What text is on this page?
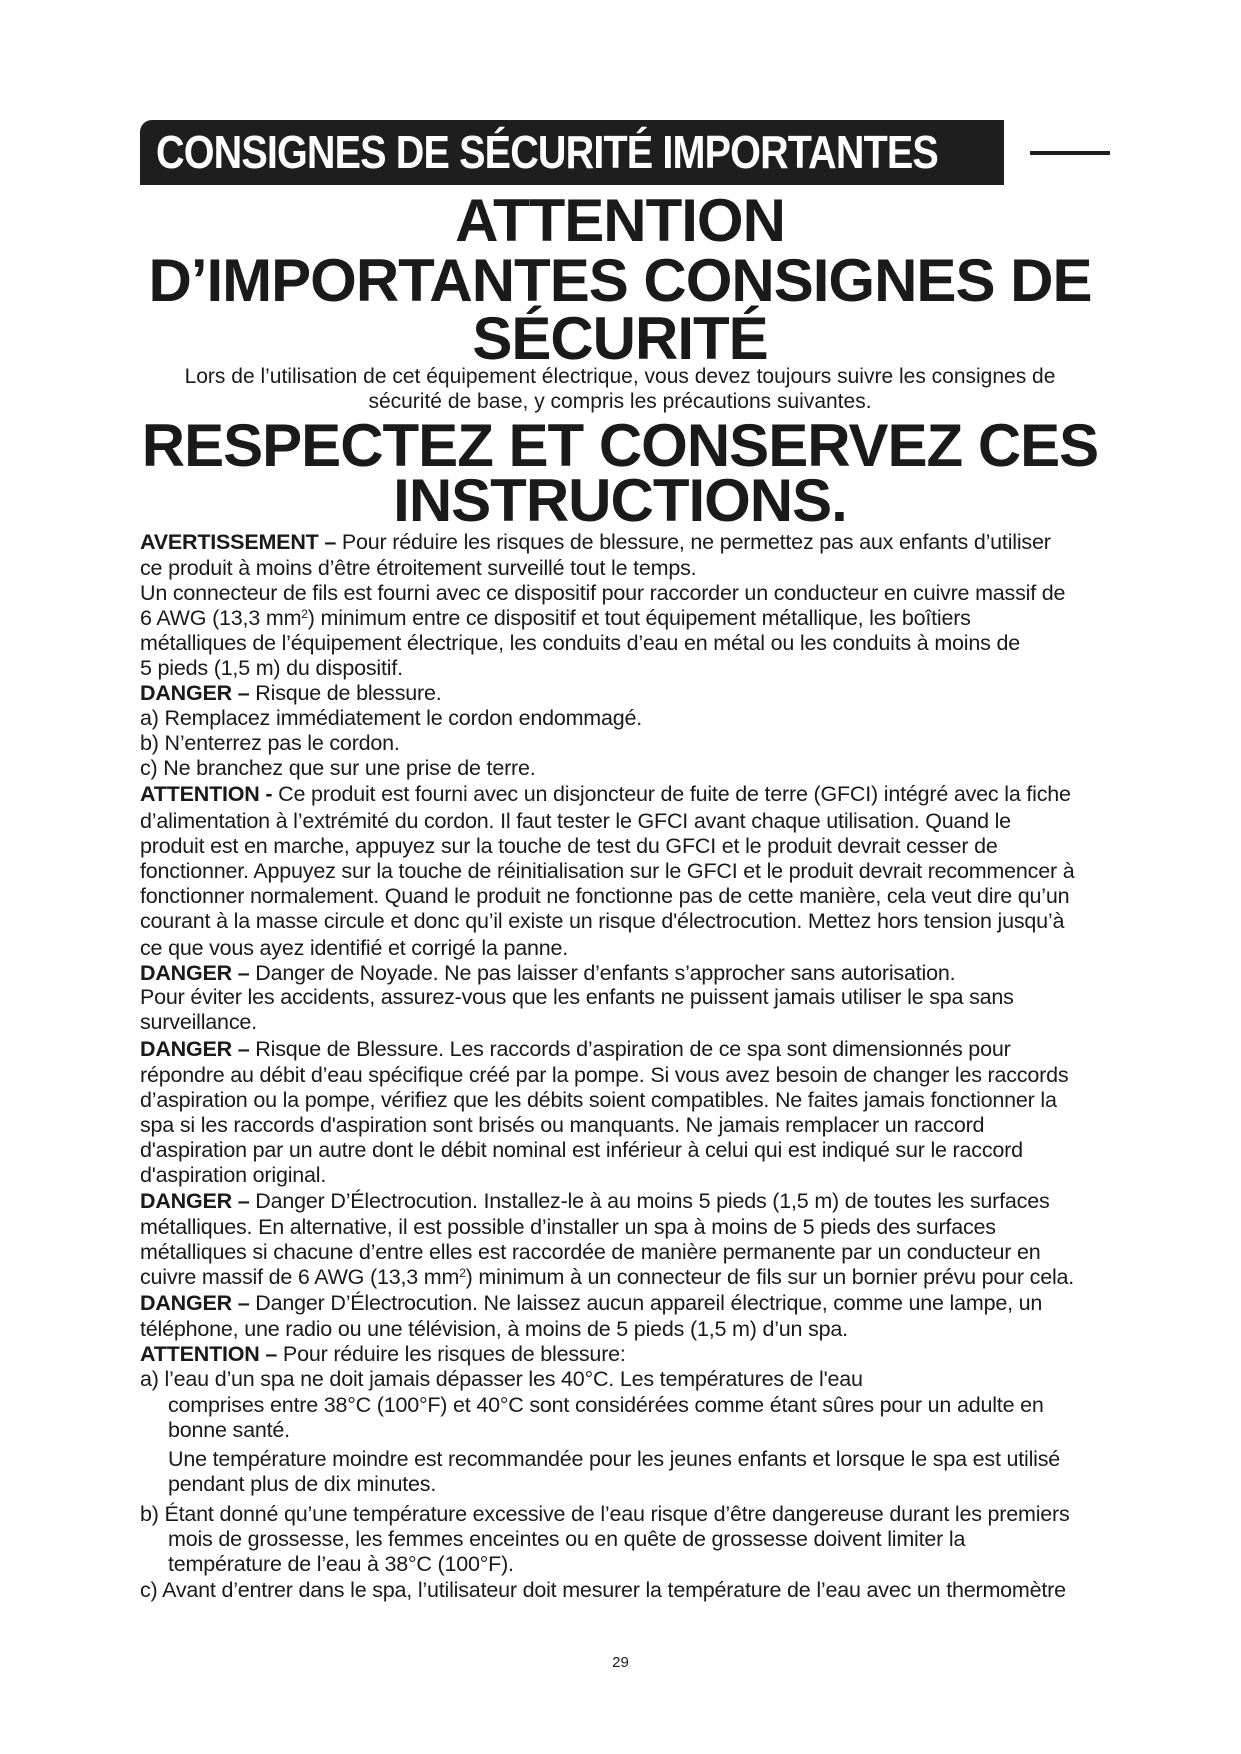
CONSIGNES DE SÉCURITÉ IMPORTANTES
ATTENTION
D’IMPORTANTES CONSIGNES DE
SÉCURITÉ
Lors de l’utilisation de cet équipement électrique, vous devez toujours suivre les consignes de
sécurité de base, y compris les précautions suivantes.
RESPECTEZ ET CONSERVEZ CES
INSTRUCTIONS.
AVERTISSEMENT – Pour réduire les risques de blessure, ne permettez pas aux enfants d’utiliser
ce produit à moins d’être étroitement surveillé tout le temps.
Un connecteur de fils est fourni avec ce dispositif pour raccorder un conducteur en cuivre massif de
6 AWG (13,3 $mm^2$) minimum entre ce dispositif et tout équipement métallique, les boîtiers
métalliques de l’équipement électrique, les conduits d’eau en métal ou les conduits à moins de
5 pieds (1,5 m) du dispositif.
DANGER – Risque de blessure.
a) Remplacez immédiatement le cordon endommagé.
b) N’enterrez pas le cordon.
c) Ne branchez que sur une prise de terre.
ATTENTION - Ce produit est fourni avec un disjoncteur de fuite de terre (GFCI) intégré avec la fiche
d’alimentation à l’extrémité du cordon. Il faut tester le GFCI avant chaque utilisation. Quand le
produit est en marche, appuyez sur la touche de test du GFCI et le produit devrait cesser de
fonctionner. Appuyez sur la touche de réinitialisation sur le GFCI et le produit devrait recommencer à
fonctionner normalement. Quand le produit ne fonctionne pas de cette manière, cela veut dire qu’un
courant à la masse circule et donc qu’il existe un risque d'électrocution. Mettez hors tension jusqu’à
ce que vous ayez identifié et corrigé la panne.
DANGER – Danger de Noyade. Ne pas laisser d’enfants s’approcher sans autorisation.
Pour éviter les accidents, assurez-vous que les enfants ne puissent jamais utiliser le spa sans
surveillance.
DANGER – Risque de Blessure. Les raccords d’aspiration de ce spa sont dimensionnés pour
répondre au débit d’eau spécifique créé par la pompe. Si vous avez besoin de changer les raccords
d’aspiration ou la pompe, vérifiez que les débits soient compatibles. Ne faites jamais fonctionner la
spa si les raccords d'aspiration sont brisés ou manquants. Ne jamais remplacer un raccord
d'aspiration par un autre dont le débit nominal est inférieur à celui qui est indiqué sur le raccord
d'aspiration original.
DANGER – Danger D’Électrocution. Installez-le à au moins 5 pieds (1,5 m) de toutes les surfaces
métalliques. En alternative, il est possible d’installer un spa à moins de 5 pieds des surfaces
métalliques si chacune d’entre elles est raccordée de manière permanente par un conducteur en
cuivre massif de 6 AWG (13,3 $mm^2$) minimum à un connecteur de fils sur un bornier prévu pour cela.
DANGER – Danger D’Électrocution. Ne laissez aucun appareil électrique, comme une lampe, un
téléphone, une radio ou une télévision, à moins de 5 pieds (1,5 m) d’un spa.
ATTENTION – Pour réduire les risques de blessure:
a) l’eau d’un spa ne doit jamais dépasser les 40°C. Les températures de l'eau
comprises entre 38°C (100°F) et 40°C sont considérées comme étant sûres pour un adulte en
bonne santé.
Une température moindre est recommandée pour les jeunes enfants et lorsque le spa est utilisé
pendant plus de dix minutes.
b) Étant donné qu’une température excessive de l’eau risque d’être dangereuse durant les premiers
mois de grossesse, les femmes enceintes ou en quête de grossesse doivent limiter la
température de l’eau à 38°C (100°F).
c) Avant d’entrer dans le spa, l’utilisateur doit mesurer la température de l’eau avec un thermomètre
29
